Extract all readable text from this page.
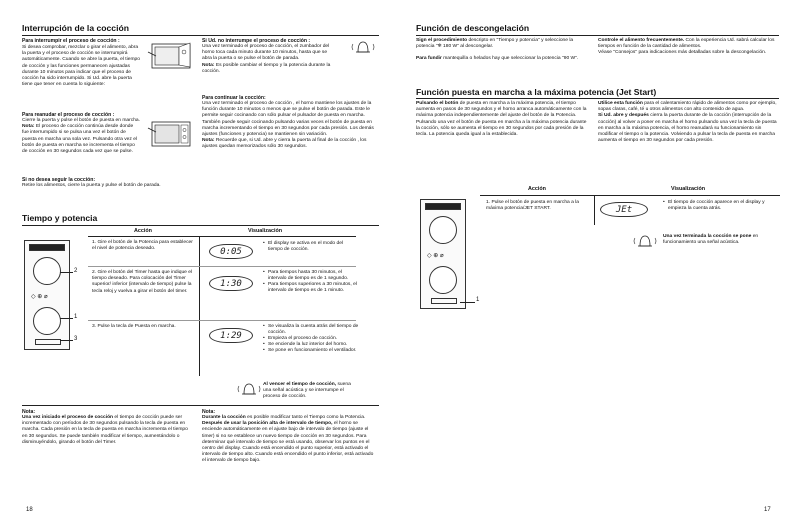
Interrupción de la cocción
Para interrumpir el proceso de cocción :
Si desea comprobar, mezclar o girar el alimento, abra la puerta y el proceso de cocción se interrumpirá automáticamente. Cuando se abre la puerta, el tiempo de cocción y las funciones permanecen ajustadas durante 10 minutos para indicar que el proceso de cocción ha sido interrumpido. Si Ud. abre la puerta tiene que tener en cuenta lo siguiente:
Para reanudar el proceso de cocción :
Cierre la puerta y pulse el botón de puesta en marcha.
Nota: El proceso de cocción continúa desde donde fue interrumpido si se pulsa una vez el botón de puesta en marcha una sola vez. Pulsando otra vez el botón de puesta en marcha se incrementa el tiempo de cocción en 30 segundos cada vez que se pulse.
Si no desea seguir la cocción:
Retire los alimentos, cierre la puerta y pulse el botón de parada.
Si Ud. no interrumpe el proceso de cocción :
Una vez terminado el proceso de cocción, el zumbador del horno toca cada minuto durante 10 minutos, hasta que se abra la puerta o se pulse el botón de parada.
Nota: Es posible cambiar el tiempo y la potencia durante la cocción.
Para continuar la cocción:
Una vez terminado el proceso de cocción , el horno mantiene los ajustes de la función durante 10 minutos o menos que se pulse el botón de parada. Este le permite seguir cocinando con sólo pulsar el pulsador de puesta en marcha. También puede seguir cocinando pulsando varias veces el botón de puesta en marcha incrementando el tiempo en 30 segundos por cada presión. Los demás ajustes (funciones y potencia) se mantienen sin variación.
Nota: Recuerde que, si Ud. abre y cierra la puerta al final de la cocción , los ajustes quedan memorizados sólo 30 segundos.
Tiempo y potencia
Acción	Visualización
◇ ⊕ ⌀
2
1
3
1. Gire el botón de la Potencia para establecer el nivel de potencia deseado.	0:05
• El display se activa en el modo del tiempo de cocción.
2. Gire el botón del Timer hasta que indique el tiempo deseado. Para colocación del Timer superior/ inferior (intervalo de tiempo) pulse la tecla reloj y vuelva a girar el botón del timer.
1:30
• Para tiempos hasta 30 minutos, el intervalo de tiempo es de 1 segundo.
• Para tiempos superiores a 30 minutos, el intervalo de tiempo es de 1 minuto.
3. Pulse la tecla de Puesta en marcha.
1:29
• Se visualiza la cuenta atrás del tiempo de cocción.
• Empieza el proceso de cocción.
• Se enciende la luz interior del horno.
• Se pone en funcionamiento el ventilador.
Al vencer el tiempo de cocción, suena una señal acústica y se interrumpe el proceso de cocción.
Nota:
Una vez iniciado el proceso de cocción el tiempo de cocción puede ser incrementado con períodos de 30 segundos pulsando la tecla de puesta en marcha. Cada presión en la tecla de puesta en marcha incrementa el tiempo en 30 segundos. Se puede también modificar el tiempo, aumentándolo o disminuyéndolo, girando el botón del Timer.
Nota:
Durante la cocción es posible modificar tanto el Tiempo como la Potencia.
Después de usar la posición alta de intervalo de tiempo, el horno se enciende automáticamente en el ajuste bajo de intervalo de tiempo (ajuste el timer) si no se establece un nuevo tiempo de cocción en 30 segundos. Para determinar qué intervalo de tiempo se está usando, observar los puntos en el centro del display. Cuando está encendido el punto superior, está activado el intervalo de tiempo alto. Cuando está encendido el punto inferior, está activado el intervalo de tiempo bajo.
18
Función de descongelación
Sign el procedimiento descripto en "Tiempo y potencia" y seleccione la potencia "❄ 180 W" al descongelar.
Para fundir mantequilla o helados hay que seleccionar la potencia "90 W".
Controle el alimento frecuentemente. Con la experiencia Ud. sabrá calcular los tiempos en función de la cantidad de alimentos.
Véase "Consejos" para indicaciones más detalladas sobre la descongelación.
Función puesta en marcha a la máxima potencia (Jet Start)
Pulsando el botón de puesta en marcha a la máxima potencia, el tiempo aumenta en pasos de 30 segundos y el horno arranca automáticamente con la máxima potencia independientemente del ajuste del botón de la Potencia. Pulsando una vez el botón de puesta en marcha a la máxima potencia durante la cocción, sólo se aumenta el tiempo en 30 segundos por cada presión de la tecla. La potencia queda igual a la establecida.
Utilice esta función para el calentamiento rápido de alimentos como por ejemplo, sopas claras, café, té u otros alimentos con alto contenido de agua.
Si Ud. abre y después cierra la puerta durante de la cocción (interrupción de la cocción) al volver a poner en marcha el horno pulsando una vez la tecla de puesta en marcha a la máxima potencia, el horno reanudará su funcionamiento sin modificar el tiempo o la potencia. Volviendo a pulsar la tecla de puesta en marcha aumenta el tiempo en 30 segundos por cada presión.
Acción	Visualización
◇ ⊕ ⌀
1
1. Pulse el botón de puesta en marcha a la máxima potencia/JET START.	JEt
• El tiempo de cocción aparece en el display y empieza la cuenta atrás.
Una vez terminada la cocción se pone en funcionamiento una señal acústica.
17
